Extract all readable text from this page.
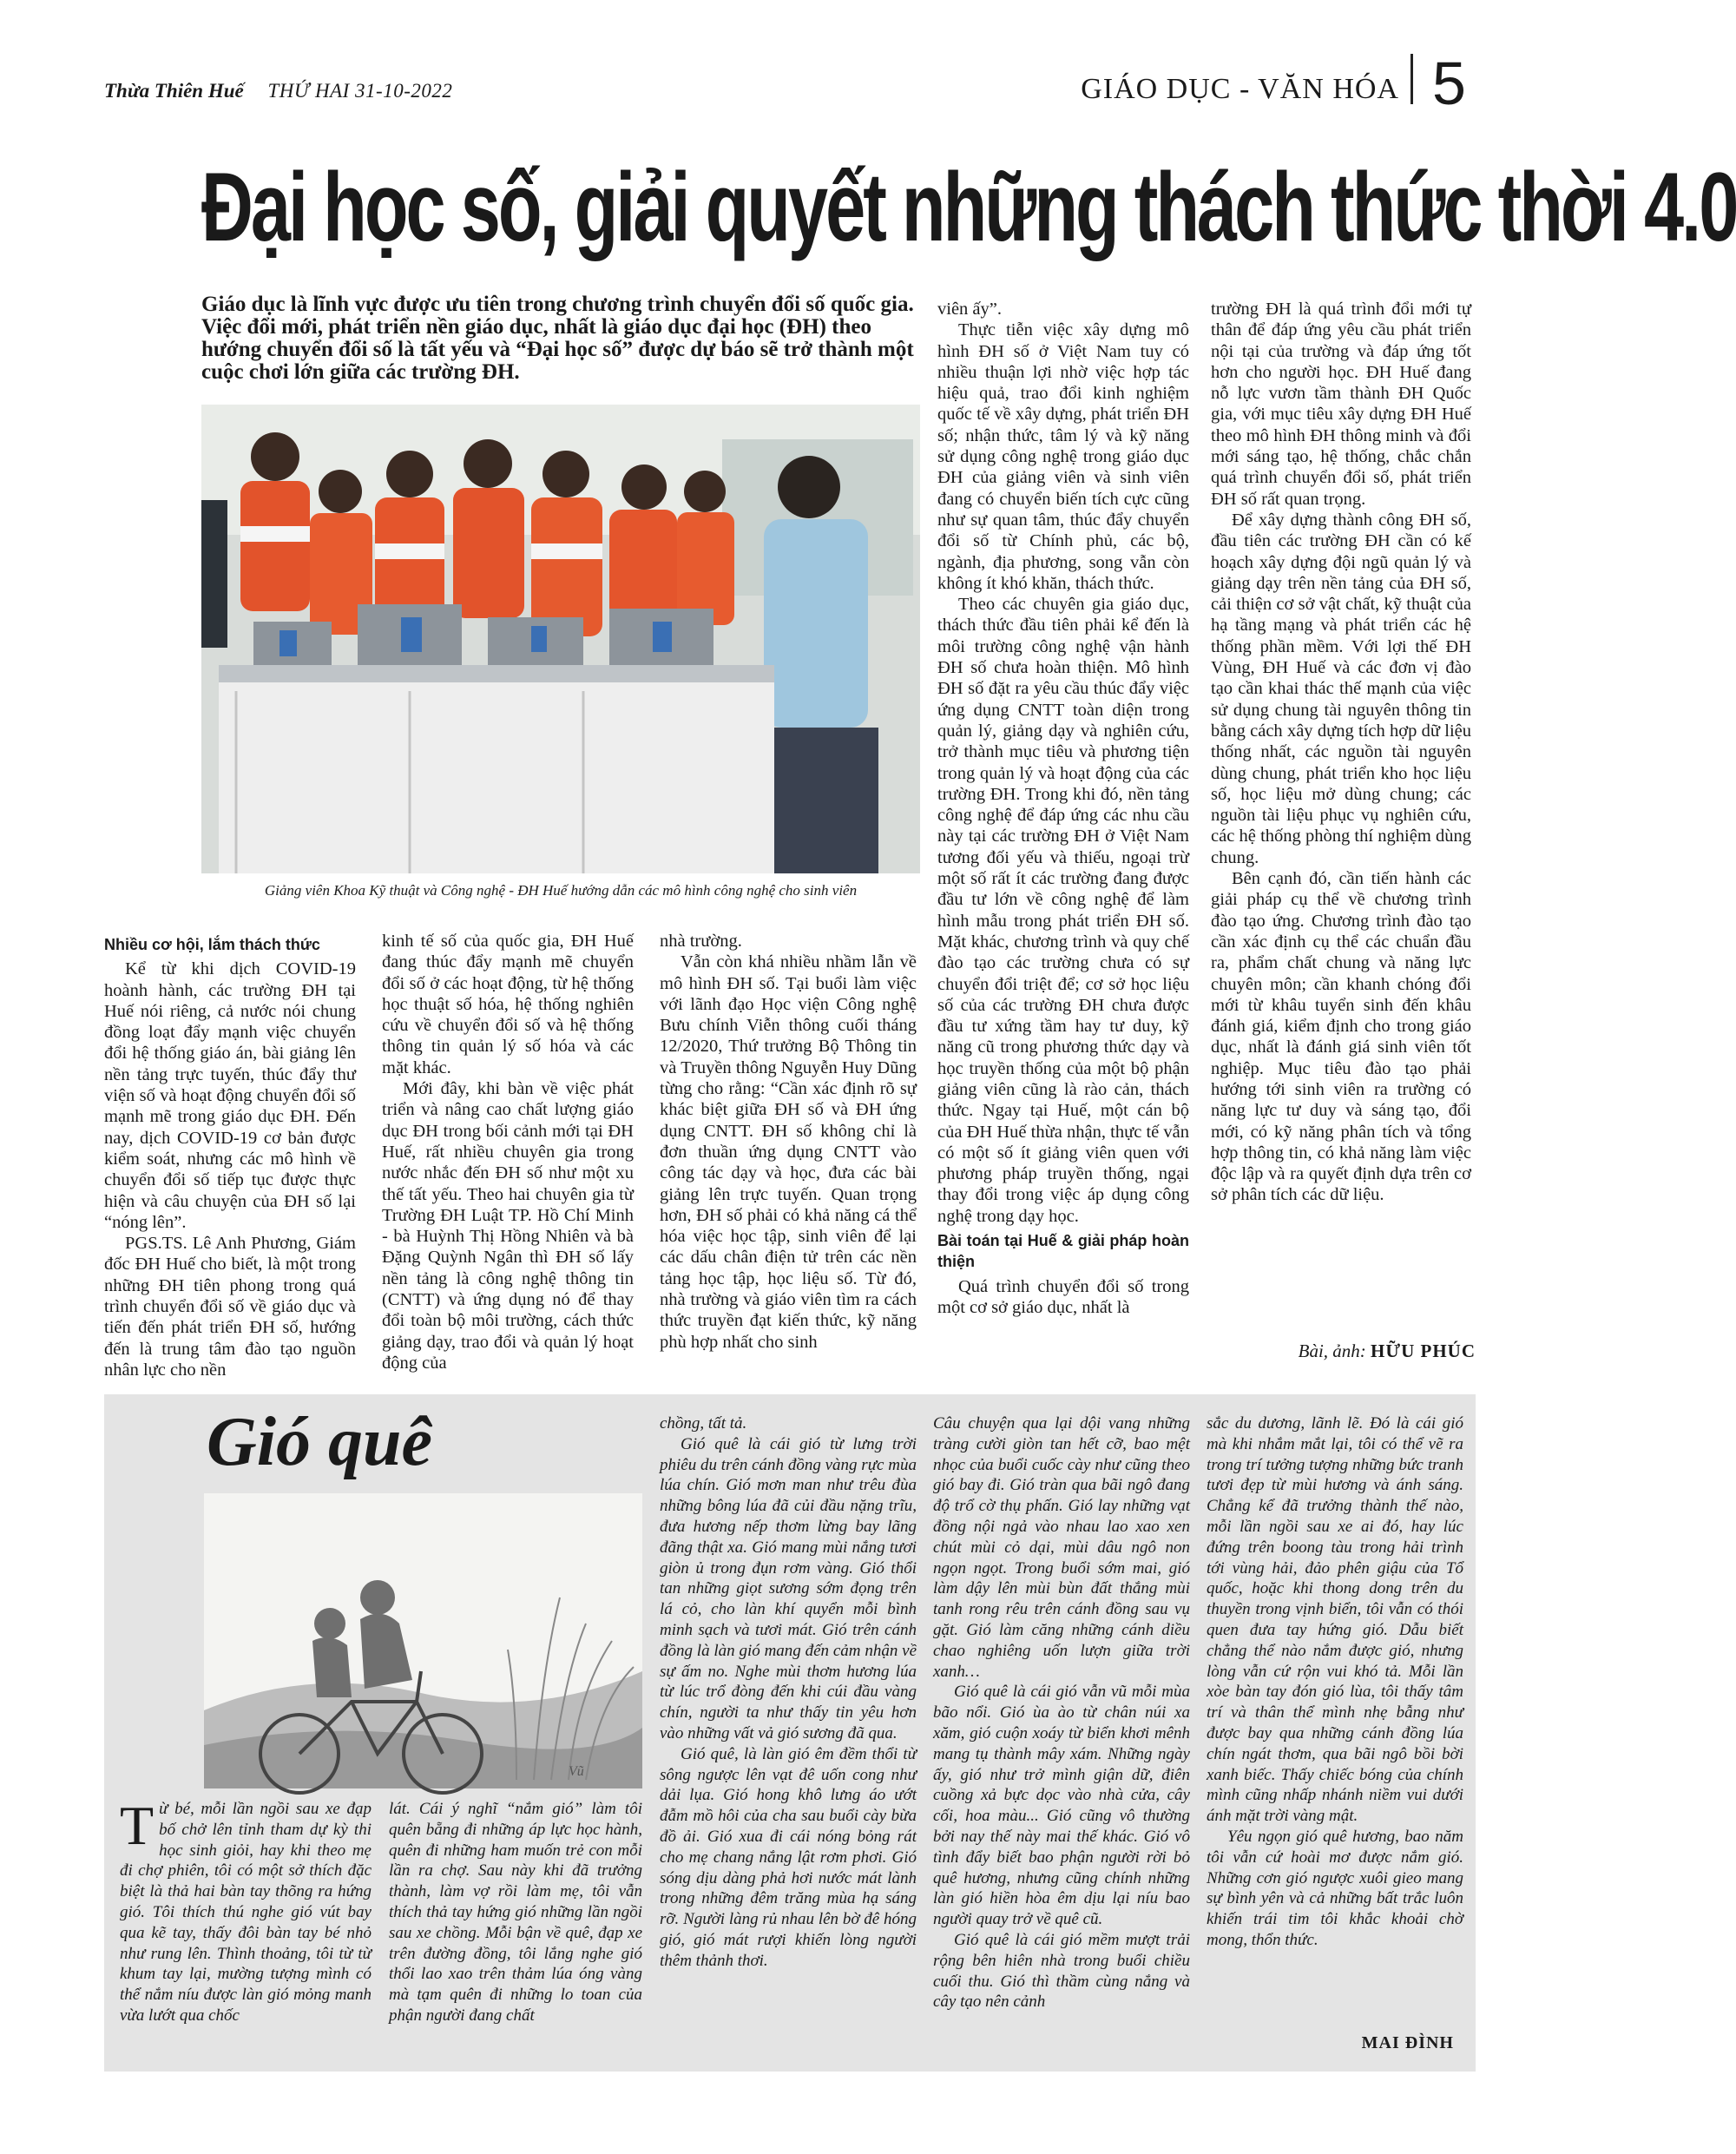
Thừa Thiên Huế THỨ HAI 31-10-2022	GIÁO DỤC - VĂN HÓA 5
Đại học số, giải quyết những thách thức thời 4.0
Giáo dục là lĩnh vực được ưu tiên trong chương trình chuyển đổi số quốc gia. Việc đổi mới, phát triển nền giáo dục, nhất là giáo dục đại học (ĐH) theo hướng chuyển đổi số là tất yếu và “Đại học số” được dự báo sẽ trở thành một cuộc chơi lớn giữa các trường ĐH.
Giảng viên Khoa Kỹ thuật và Công nghệ - ĐH Huế hướng dẫn các mô hình công nghệ cho sinh viên

Nhiều cơ hội, lắm thách thức

Kể từ khi dịch COVID-19 hoành hành, các trường ĐH tại Huế nói riêng, cả nước nói chung đồng loạt đẩy mạnh việc chuyển đổi hệ thống giáo án, bài giảng lên nền tảng trực tuyến, thúc đẩy thư viện số và hoạt động chuyển đổi số mạnh mẽ trong giáo dục ĐH. Đến nay, dịch COVID-19 cơ bản được kiểm soát, nhưng các mô hình về chuyển đổi số tiếp tục được thực hiện và câu chuyện của ĐH số lại “nóng lên”.

PGS.TS. Lê Anh Phương, Giám đốc ĐH Huế cho biết, là một trong những ĐH tiên phong trong quá trình chuyển đổi số về giáo dục và tiến đến phát triển ĐH số, hướng đến là trung tâm đào tạo nguồn nhân lực cho nền

kinh tế số của quốc gia, ĐH Huế đang thúc đẩy mạnh mẽ chuyển đổi số ở các hoạt động, từ hệ thống học thuật số hóa, hệ thống nghiên cứu về chuyển đổi số và hệ thống thông tin quản lý số hóa và các mặt khác.

Mới đây, khi bàn về việc phát triển và nâng cao chất lượng giáo dục ĐH trong bối cảnh mới tại ĐH Huế, rất nhiều chuyên gia trong nước nhắc đến ĐH số như một xu thế tất yếu. Theo hai chuyên gia từ Trường ĐH Luật TP. Hồ Chí Minh - bà Huỳnh Thị Hồng Nhiên và bà Đặng Quỳnh Ngân thì ĐH số lấy nền tảng là công nghệ thông tin (CNTT) và ứng dụng nó để thay đổi toàn bộ môi trường, cách thức giảng dạy, trao đổi và quản lý hoạt động của

nhà trường.

Vẫn còn khá nhiều nhầm lẫn về mô hình ĐH số. Tại buổi làm việc với lãnh đạo Học viện Công nghệ Bưu chính Viễn thông cuối tháng 12/2020, Thứ trưởng Bộ Thông tin và Truyền thông Nguyễn Huy Dũng từng cho rằng: “Cần xác định rõ sự khác biệt giữa ĐH số và ĐH ứng dụng CNTT. ĐH số không chỉ là đơn thuần ứng dụng CNTT vào công tác dạy và học, đưa các bài giảng lên trực tuyến. Quan trọng hơn, ĐH số phải có khả năng cá thể hóa việc học tập, sinh viên để lại các dấu chân điện tử trên các nền tảng học tập, học liệu số. Từ đó, nhà trường và giáo viên tìm ra cách thức truyền đạt kiến thức, kỹ năng phù hợp nhất cho sinh

viên ấy”.

Thực tiễn việc xây dựng mô hình ĐH số ở Việt Nam tuy có nhiều thuận lợi nhờ việc hợp tác hiệu quả, trao đổi kinh nghiệm quốc tế về xây dựng, phát triển ĐH số; nhận thức, tâm lý và kỹ năng sử dụng công nghệ trong giáo dục ĐH của giảng viên và sinh viên đang có chuyển biến tích cực cũng như sự quan tâm, thúc đẩy chuyển đổi số từ Chính phủ, các bộ, ngành, địa phương, song vẫn còn không ít khó khăn, thách thức.

Theo các chuyên gia giáo dục, thách thức đầu tiên phải kể đến là môi trường công nghệ vận hành ĐH số chưa hoàn thiện. Mô hình ĐH số đặt ra yêu cầu thúc đẩy việc ứng dụng CNTT toàn diện trong quản lý, giảng dạy và nghiên cứu, trở thành mục tiêu và phương tiện trong quản lý và hoạt động của các trường ĐH. Trong khi đó, nền tảng công nghệ để đáp ứng các nhu cầu này tại các trường ĐH ở Việt Nam tương đối yếu và thiếu, ngoại trừ một số rất ít các trường đang được đầu tư lớn về công nghệ để làm hình mẫu trong phát triển ĐH số. Mặt khác, chương trình và quy chế đào tạo các trường chưa có sự chuyển đổi triệt để; cơ sở học liệu số của các trường ĐH chưa được đầu tư xứng tầm hay tư duy, kỹ năng cũ trong phương thức dạy và học truyền thống của một bộ phận giảng viên cũng là rào cản, thách thức. Ngay tại Huế, một cán bộ của ĐH Huế thừa nhận, thực tế vẫn có một số ít giảng viên quen với phương pháp truyền thống, ngại thay đổi trong việc áp dụng công nghệ trong dạy học.

Bài toán tại Huế & giải pháp hoàn thiện

Quá trình chuyển đổi số trong một cơ sở giáo dục, nhất là

trường ĐH là quá trình đổi mới tự thân để đáp ứng yêu cầu phát triển nội tại của trường và đáp ứng tốt hơn cho người học. ĐH Huế đang nỗ lực vươn tầm thành ĐH Quốc gia, với mục tiêu xây dựng ĐH Huế theo mô hình ĐH thông minh và đổi mới sáng tạo, hệ thống, chắc chắn quá trình chuyển đổi số, phát triển ĐH số rất quan trọng.

Để xây dựng thành công ĐH số, đầu tiên các trường ĐH cần có kế hoạch xây dựng đội ngũ quản lý và giảng dạy trên nền tảng của ĐH số, cải thiện cơ sở vật chất, kỹ thuật của hạ tầng mạng và phát triển các hệ thống phần mềm. Với lợi thế ĐH Vùng, ĐH Huế và các đơn vị đào tạo cần khai thác thế mạnh của việc sử dụng chung tài nguyên thông tin bằng cách xây dựng tích hợp dữ liệu thống nhất, các nguồn tài nguyên dùng chung, phát triển kho học liệu số, học liệu mở dùng chung; các nguồn tài liệu phục vụ nghiên cứu, các hệ thống phòng thí nghiệm dùng chung.

Bên cạnh đó, cần tiến hành các giải pháp cụ thể về chương trình đào tạo ứng. Chương trình đào tạo cần xác định cụ thể các chuẩn đầu ra, phẩm chất chung và năng lực chuyên môn; cần khanh chóng đổi mới từ khâu tuyển sinh đến khâu đánh giá, kiểm định cho trong giáo dục, nhất là đánh giá sinh viên tốt nghiệp. Mục tiêu đào tạo phải hướng tới sinh viên ra trường có năng lực tư duy và sáng tạo, đổi mới, có kỹ năng phân tích và tổng hợp thông tin, có khả năng làm việc độc lập và ra quyết định dựa trên cơ sở phân tích các dữ liệu.

Bài, ảnh: HỮU PHÚC
Gió quê
Vũ

Từ bé, mỗi lần ngồi sau xe đạp bố chở lên tỉnh tham dự kỳ thi học sinh giỏi, hay khi theo mẹ đi chợ phiên, tôi có một sở thích đặc biệt là thả hai bàn tay thõng ra hứng gió. Tôi thích thú nghe gió vút bay qua kẽ tay, thấy đôi bàn tay bé nhỏ như rung lên. Thình thoảng, tôi từ từ khum tay lại, mường tượng mình có thể nắm níu được làn gió mỏng manh vừa lướt qua chốc

lát. Cái ý nghĩ “nắm gió” làm tôi quên bẵng đi những áp lực học hành, quên đi những ham muốn trẻ con mỗi lần ra chợ. Sau này khi đã trưởng thành, làm vợ rồi làm mẹ, tôi vẫn thích thả tay hứng gió những lần ngồi sau xe chồng. Mỗi bận về quê, đạp xe trên đường đồng, tôi lắng nghe gió thổi lao xao trên thảm lúa óng vàng mà tạm quên đi những lo toan của phận người đang chất

chồng, tất tả.

Gió quê là cái gió từ lưng trời phiêu du trên cánh đồng vàng rực mùa lúa chín. Gió mơn man như trêu đùa những bông lúa đã củi đầu nặng trĩu, đưa hương nếp thơm lừng bay lãng đãng thật xa. Gió mang mùi nắng tươi giòn ủ trong đụn rơm vàng. Gió thổi tan những giọt sương sớm đọng trên lá cỏ, cho làn khí quyển mỗi bình minh sạch và tươi mát. Gió trên cánh đồng là làn gió mang đến cảm nhận về sự ấm no. Nghe mùi thơm hương lúa từ lúc trổ đòng đến khi cúi đầu vàng chín, người ta như thấy tin yêu hơn vào những vất vả gió sương đã qua.

Gió quê, là làn gió êm đềm thổi từ sông ngược lên vạt đê uốn cong như dải lụa. Gió hong khô lưng áo ướt đẫm mồ hôi của cha sau buổi cày bừa đồ ải. Gió xua đi cái nóng bỏng rát cho mẹ chang nắng lật rơm phơi. Gió sóng dịu dàng phả hơi nước mát lành trong những đêm trăng mùa hạ sáng rỡ. Người làng rủ nhau lên bờ đê hóng gió, gió mát rượi khiến lòng người thêm thảnh thơi.

Câu chuyện qua lại dội vang những tràng cười giòn tan hết cỡ, bao mệt nhọc của buổi cuốc cày như cũng theo gió bay đi. Gió tràn qua bãi ngô đang độ trổ cờ thụ phấn. Gió lay những vạt đồng nội ngả vào nhau lao xao xen chút mùi cỏ dại, mùi dâu ngô non ngọn ngọt. Trong buổi sớm mai, gió làm dậy lên mùi bùn đất thắng mùi tanh rong rêu trên cánh đồng sau vụ gặt. Gió làm căng những cánh diều chao nghiêng uốn lượn giữa trời xanh…

Gió quê là cái gió vẫn vũ mỗi mùa bão nổi. Gió ùa ào từ chân núi xa xăm, gió cuộn xoáy từ biển khơi mênh mang tụ thành mây xám. Những ngày ấy, gió như trở mình giận dữ, điên cuồng xả bực dọc vào nhà cửa, cây cối, hoa màu... Gió cũng vô thường bởi nay thế này mai thế khác. Gió vô tình đẩy biết bao phận người rời bỏ quê hương, nhưng cũng chính những làn gió hiền hòa êm dịu lại níu bao người quay trở về quê cũ.

Gió quê là cái gió mềm mượt trải rộng bên hiên nhà trong buổi chiều cuối thu. Gió thì thầm cùng nắng và cây tạo nên cảnh

sắc du dương, lãnh lẽ. Đó là cái gió mà khi nhắm mắt lại, tôi có thể vẽ ra trong trí tưởng tượng những bức tranh tươi đẹp từ mùi hương và ánh sáng. Chẳng kể đã trưởng thành thế nào, mỗi lần ngồi sau xe ai đó, hay lúc đứng trên boong tàu trong hải trình tới vùng hải, đảo phên giậu của Tổ quốc, hoặc khi thong dong trên du thuyền trong vịnh biển, tôi vẫn có thói quen đưa tay hứng gió. Dẫu biết chẳng thể nào nắm được gió, nhưng lòng vẫn cứ rộn vui khó tả. Mỗi lần xòe bàn tay đón gió lùa, tôi thấy tâm trí và thân thể mình nhẹ bẫng như được bay qua những cánh đồng lúa chín ngát thơm, qua bãi ngô bồi bời xanh biếc. Thấy chiếc bóng của chính mình cũng nhấp nhánh niềm vui dưới ánh mặt trời vàng mật.

Yêu ngọn gió quê hương, bao năm tôi vẫn cứ hoài mơ được nắm gió. Những cơn gió ngược xuôi gieo mang sự bình yên và cả những bất trắc luôn khiến trái tim tôi khắc khoải chờ mong, thổn thức.

MAI ĐÌNH
